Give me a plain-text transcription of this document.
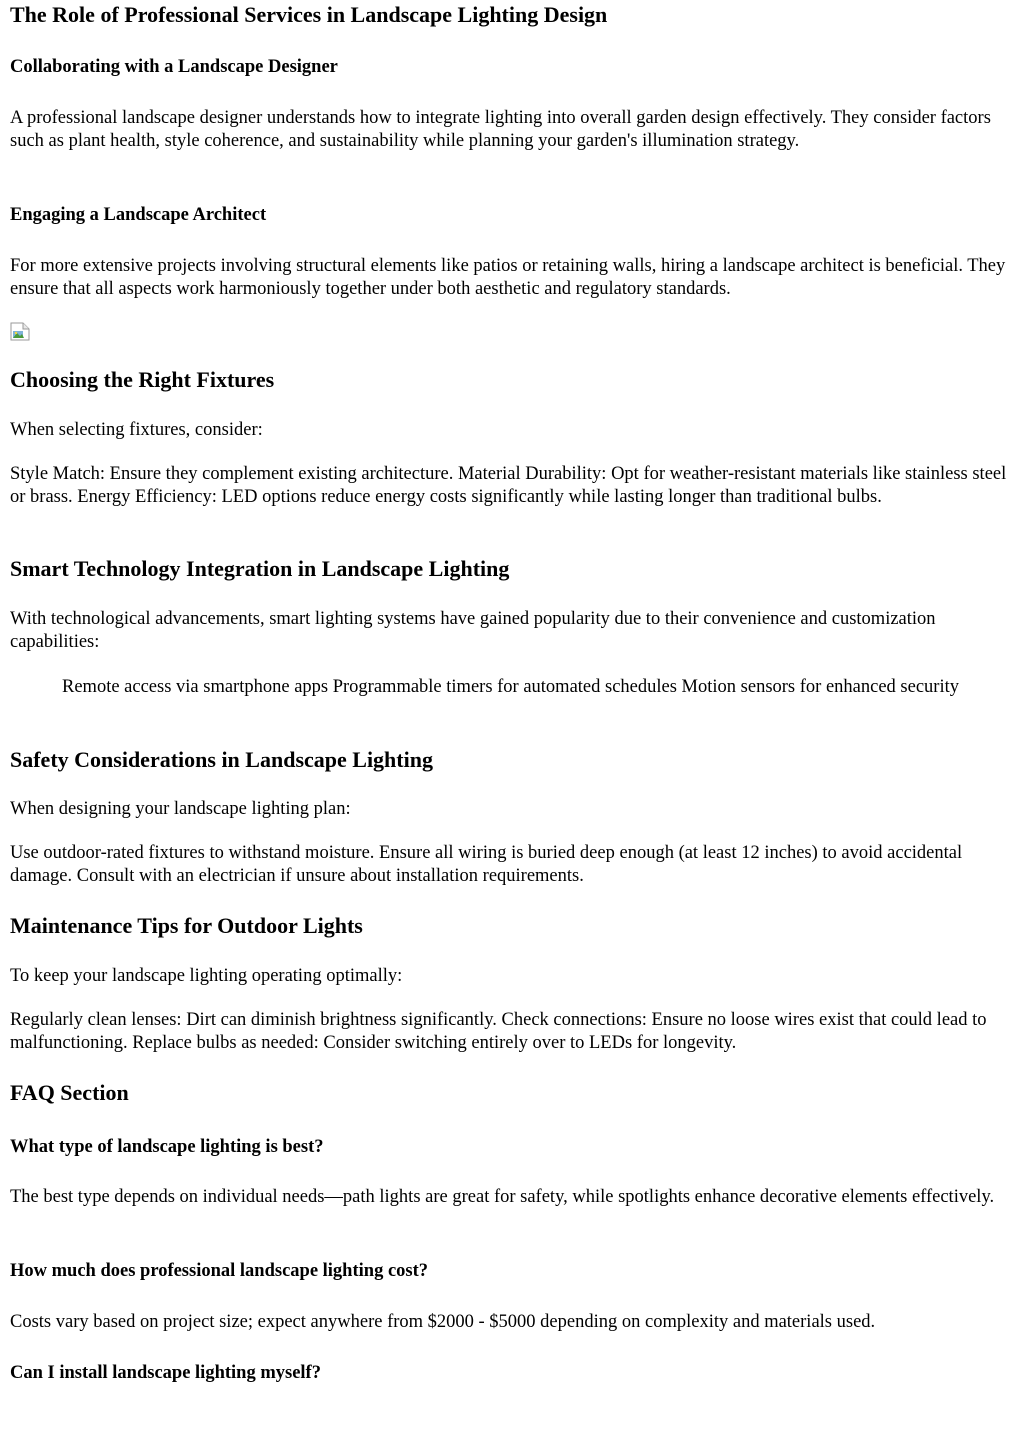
The Role of Professional Services in Landscape Lighting Design
Collaborating with a Landscape Designer

A professional landscape designer understands how to integrate lighting into overall garden design effectively. They consider factors such as plant health, style coherence, and sustainability while planning your garden's illumination strategy.

Engaging a Landscape Architect

For more extensive projects involving structural elements like patios or retaining walls, hiring a landscape architect is beneficial. They ensure that all aspects work harmoniously together under both aesthetic and regulatory standards.

Choosing the Right Fixtures

When selecting fixtures, consider:

Style Match: Ensure they complement existing architecture. Material Durability: Opt for weather-resistant materials like stainless steel or brass. Energy Efficiency: LED options reduce energy costs significantly while lasting longer than traditional bulbs.

Smart Technology Integration in Landscape Lighting

With technological advancements, smart lighting systems have gained popularity due to their convenience and customization capabilities:

Remote access via smartphone apps Programmable timers for automated schedules Motion sensors for enhanced security
Safety Considerations in Landscape Lighting

When designing your landscape lighting plan:

Use outdoor-rated fixtures to withstand moisture. Ensure all wiring is buried deep enough (at least 12 inches) to avoid accidental damage. Consult with an electrician if unsure about installation requirements.

Maintenance Tips for Outdoor Lights

To keep your landscape lighting operating optimally:

Regularly clean lenses: Dirt can diminish brightness significantly. Check connections: Ensure no loose wires exist that could lead to malfunctioning. Replace bulbs as needed: Consider switching entirely over to LEDs for longevity.

FAQ Section
What type of landscape lighting is best?

The best type depends on individual needs—path lights are great for safety, while spotlights enhance decorative elements effectively.

How much does professional landscape lighting cost?

Costs vary based on project size; expect anywhere from $2000 - $5000 depending on complexity and materials used.

Can I install landscape lighting myself?
